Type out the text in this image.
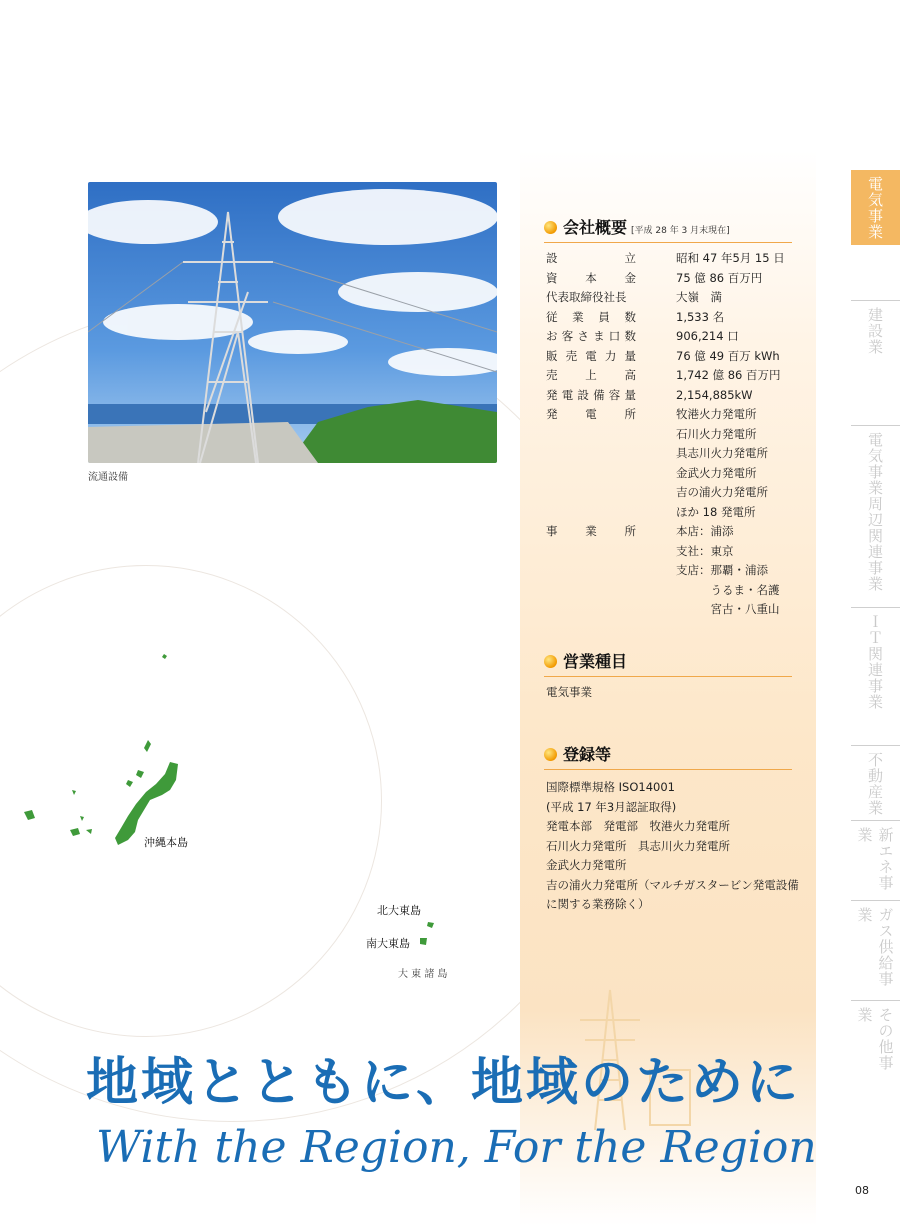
流通設備
沖縄本島
北大東島
南大東島
大 東 諸 島
会社概要 [平成 28 年 3 月末現在]
設	立	昭和 47 年5月 15 日
資 本 金	75 億 86 百万円
代表取締役社長	大嶺　満
従 業 員 数	1,533 名
お 客 さ ま 口 数	906,214 口
販 売 電 力 量	76 億 49 百万 kWh
売 上 高	1,742 億 86 百万円
発 電 設 備 容 量	2,154,885kW
発 電 所	牧港火力発電所
石川火力発電所
具志川火力発電所
金武火力発電所
吉の浦火力発電所
ほか 18 発電所
事 業 所	本店：浦添
支社：東京
支店：那覇・浦添
　　　うるま・名護
　　　宮古・八重山
営業種目
電気事業
登録等
国際標準規格 ISO14001
(平成 17 年3月認証取得)
発電本部　発電部　牧港火力発電所
石川火力発電所　具志川火力発電所
金武火力発電所
吉の浦火力発電所（マルチガスタービン発電設備
に関する業務除く）
電気事業
建設業
電気事業周辺関連事業
ＩＴ関連事業
不動産業
新エネ事業
ガス供給事業
その他事業
地域とともに、地域のために
With the Region, For the Region
08
